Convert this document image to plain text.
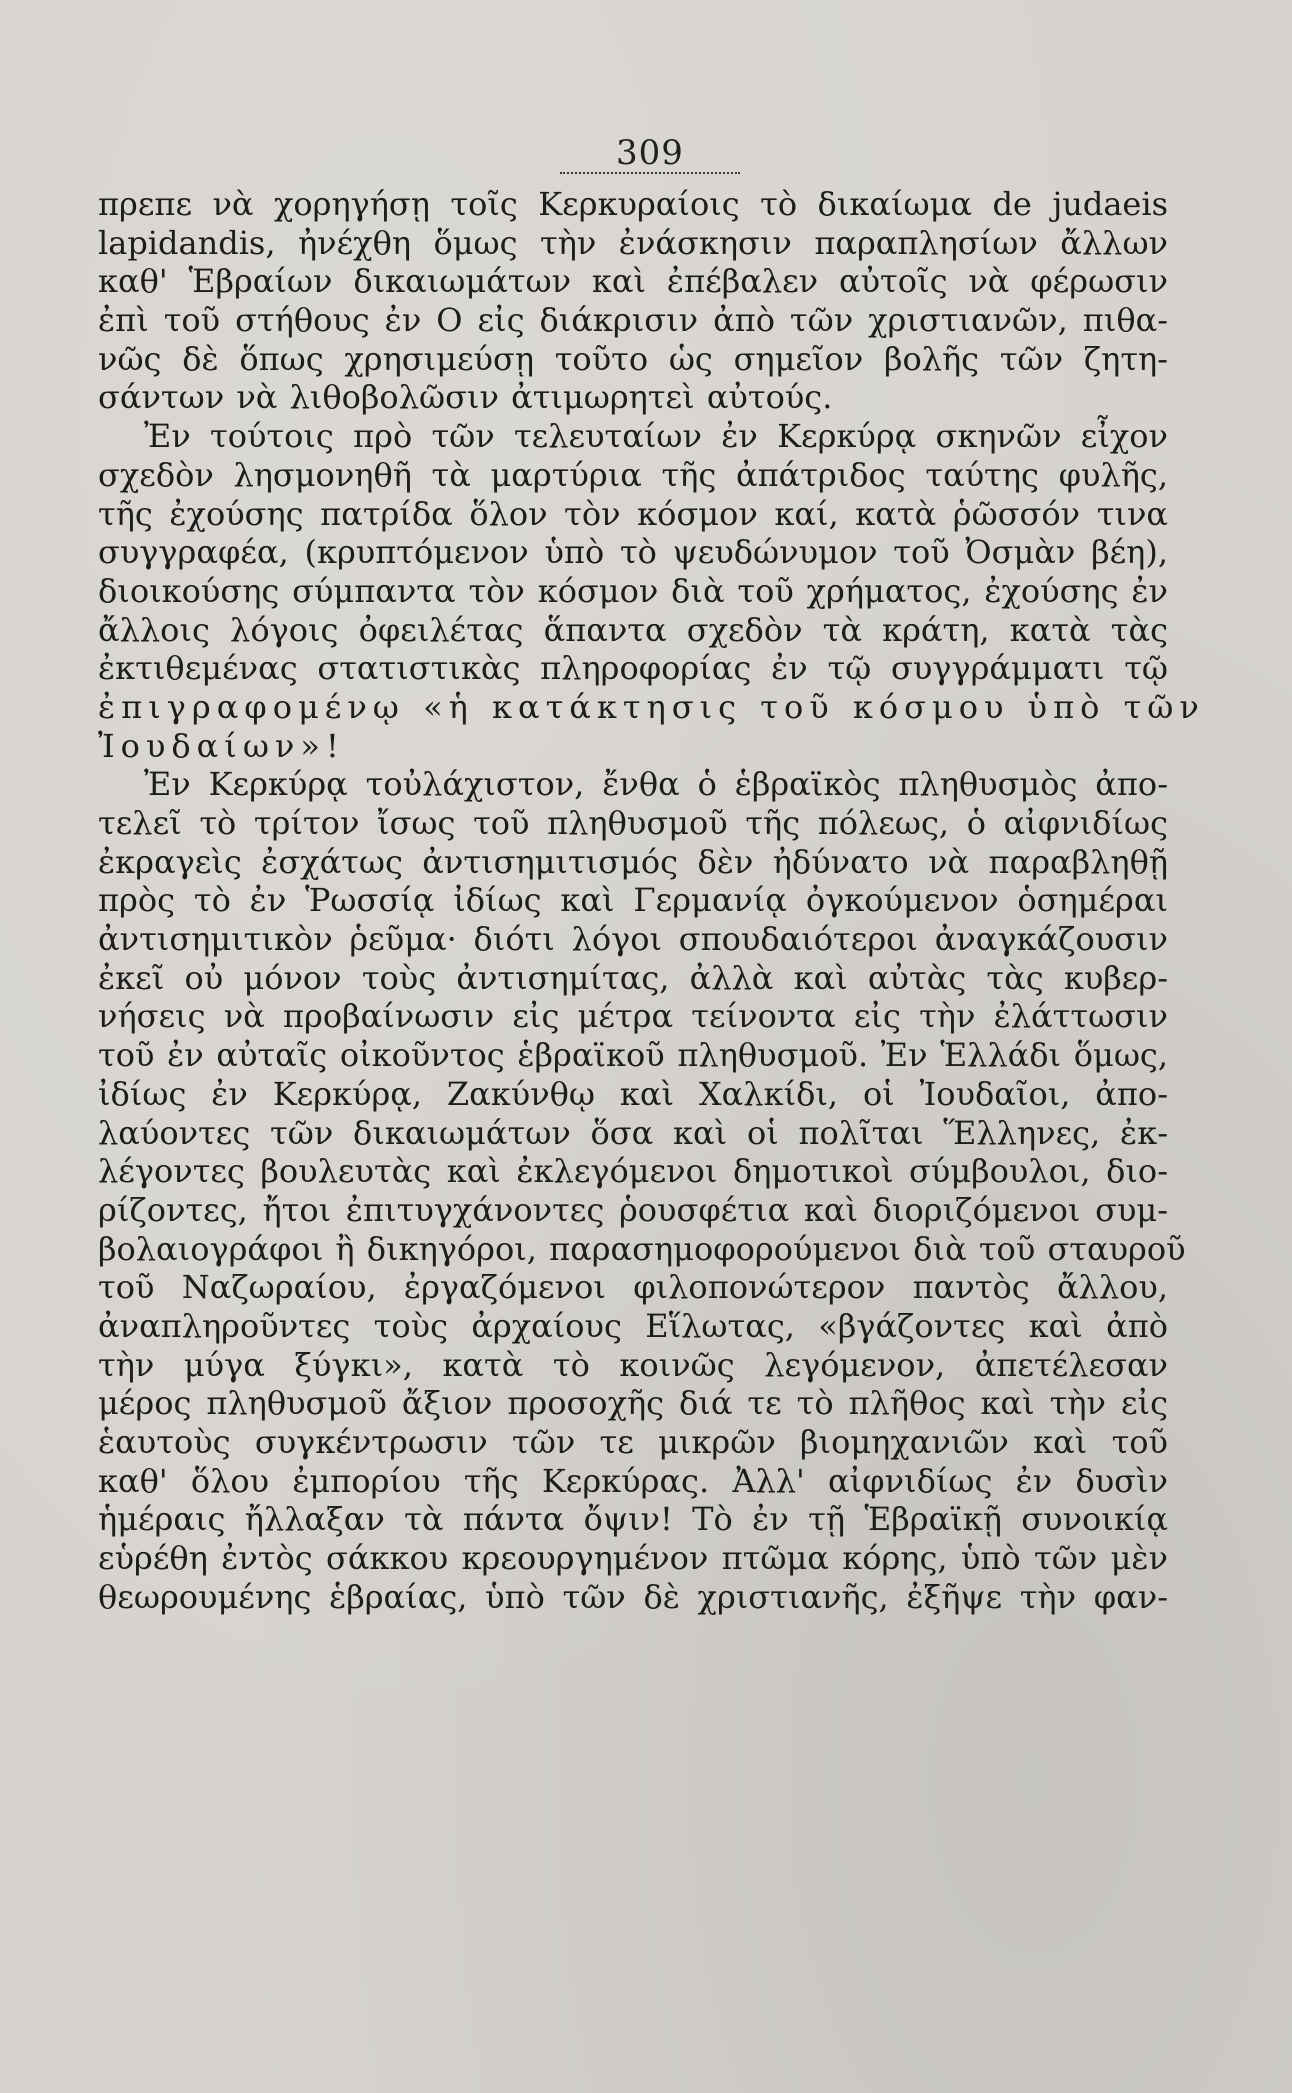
309
πρεπε νὰ χορηγήσῃ τοῖς Κερκυραίοις τὸ δικαίωμα de judaeis
lapidandis, ἠνέχθη ὅμως τὴν ἐνάσκησιν παραπλησίων ἄλλων
καθ' Ἑβραίων δικαιωμάτων καὶ ἐπέβαλεν αὐτοῖς νὰ φέρωσιν
ἐπὶ τοῦ στήθους ἐν Ο εἰς διάκρισιν ἀπὸ τῶν χριστιανῶν, πιθα-
νῶς δὲ ὅπως χρησιμεύσῃ τοῦτο ὡς σημεῖον βολῆς τῶν ζητη-
σάντων νὰ λιθοβολῶσιν ἀτιμωρητεὶ αὐτούς.
Ἐν τούτοις πρὸ τῶν τελευταίων ἐν Κερκύρᾳ σκηνῶν εἶχον
σχεδὸν λησμονηθῆ τὰ μαρτύρια τῆς ἀπάτριδος ταύτης φυλῆς,
τῆς ἐχούσης πατρίδα ὅλον τὸν κόσμον καί, κατὰ ῥῶσσόν τινα
συγγραφέα, (κρυπτόμενον ὑπὸ τὸ ψευδώνυμον τοῦ Ὀσμὰν βέη),
διοικούσης σύμπαντα τὸν κόσμον διὰ τοῦ χρήματος, ἐχούσης ἐν
ἄλλοις λόγοις ὀφειλέτας ἅπαντα σχεδὸν τὰ κράτη, κατὰ τὰς
ἐκτιθεμένας στατιστικὰς πληροφορίας ἐν τῷ συγγράμματι τῷ
ἐπιγραφομένῳ «ἡ κατάκτησις τοῦ κόσμου ὑπὸ τῶν
Ἰουδαίων»!
Ἐν Κερκύρᾳ τοὐλάχιστον, ἔνθα ὁ ἑβραϊκὸς πληθυσμὸς ἀπο-
τελεῖ τὸ τρίτον ἴσως τοῦ πληθυσμοῦ τῆς πόλεως, ὁ αἰφνιδίως
ἐκραγεὶς ἐσχάτως ἀντισημιτισμός δὲν ἠδύνατο νὰ παραβληθῇ
πρὸς τὸ ἐν Ῥωσσίᾳ ἰδίως καὶ Γερμανίᾳ ὀγκούμενον ὁσημέραι
ἀντισημιτικὸν ῥεῦμα· διότι λόγοι σπουδαιότεροι ἀναγκάζουσιν
ἐκεῖ οὐ μόνον τοὺς ἀντισημίτας, ἀλλὰ καὶ αὐτὰς τὰς κυβερ-
νήσεις νὰ προβαίνωσιν εἰς μέτρα τείνοντα εἰς τὴν ἐλάττωσιν
τοῦ ἐν αὐταῖς οἰκοῦντος ἑβραϊκοῦ πληθυσμοῦ. Ἐν Ἑλλάδι ὅμως,
ἰδίως ἐν Κερκύρᾳ, Ζακύνθῳ καὶ Χαλκίδι, οἱ Ἰουδαῖοι, ἀπο-
λαύοντες τῶν δικαιωμάτων ὅσα καὶ οἱ πολῖται Ἕλληνες, ἐκ-
λέγοντες βουλευτὰς καὶ ἐκλεγόμενοι δημοτικοὶ σύμβουλοι, διο-
ρίζοντες, ἤτοι ἐπιτυγχάνοντες ῥουσφέτια καὶ διοριζόμενοι συμ-
βολαιογράφοι ἢ δικηγόροι, παρασημοφορούμενοι διὰ τοῦ σταυροῦ
τοῦ Ναζωραίου, ἐργαζόμενοι φιλοπονώτερον παντὸς ἄλλου,
ἀναπληροῦντες τοὺς ἀρχαίους Εἵλωτας, «βγάζοντες καὶ ἀπὸ
τὴν μύγα ξύγκι», κατὰ τὸ κοινῶς λεγόμενον, ἀπετέλεσαν
μέρος πληθυσμοῦ ἄξιον προσοχῆς διά τε τὸ πλῆθος καὶ τὴν εἰς
ἑαυτοὺς συγκέντρωσιν τῶν τε μικρῶν βιομηχανιῶν καὶ τοῦ
καθ' ὅλου ἐμπορίου τῆς Κερκύρας. Ἀλλ' αἰφνιδίως ἐν δυσὶν
ἡμέραις ἤλλαξαν τὰ πάντα ὄψιν! Τὸ ἐν τῇ Ἑβραϊκῇ συνοικίᾳ
εὑρέθη ἐντὸς σάκκου κρεουργημένον πτῶμα κόρης, ὑπὸ τῶν μὲν
θεωρουμένης ἑβραίας, ὑπὸ τῶν δὲ χριστιανῆς, ἐξῆψε τὴν φαν-
